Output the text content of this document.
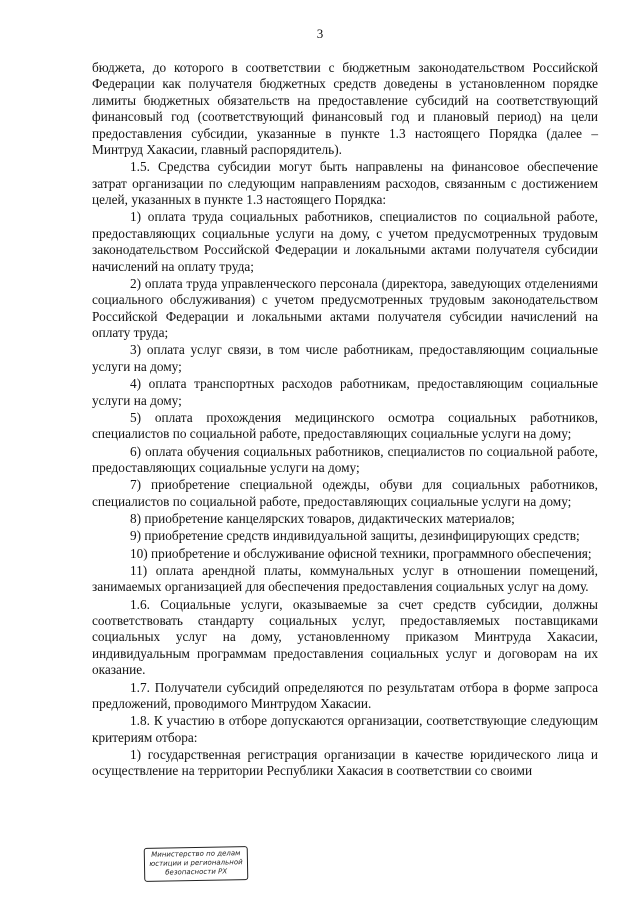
3

бюджета, до которого в соответствии с бюджетным законодательством Российской Федерации как получателя бюджетных средств доведены в установленном порядке лимиты бюджетных обязательств на предоставление субсидий на соответствующий финансовый год (соответствующий финансовый год и плановый период) на цели предоставления субсидии, указанные в пункте 1.3 настоящего Порядка (далее – Минтруд Хакасии, главный распорядитель).

1.5. Средства субсидии могут быть направлены на финансовое обеспечение затрат организации по следующим направлениям расходов, связанным с достижением целей, указанных в пункте 1.3 настоящего Порядка:

1) оплата труда социальных работников, специалистов по социальной работе, предоставляющих социальные услуги на дому, с учетом предусмотренных трудовым законодательством Российской Федерации и локальными актами получателя субсидии начислений на оплату труда;

2) оплата труда управленческого персонала (директора, заведующих отделениями социального обслуживания) с учетом предусмотренных трудовым законодательством Российской Федерации и локальными актами получателя субсидии начислений на оплату труда;

3) оплата услуг связи, в том числе работникам, предоставляющим социальные услуги на дому;

4) оплата транспортных расходов работникам, предоставляющим социальные услуги на дому;

5) оплата прохождения медицинского осмотра социальных работников, специалистов по социальной работе, предоставляющих социальные услуги на дому;

6) оплата обучения социальных работников, специалистов по социальной работе, предоставляющих социальные услуги на дому;

7) приобретение специальной одежды, обуви для социальных работников, специалистов по социальной работе, предоставляющих социальные услуги на дому;

8) приобретение канцелярских товаров, дидактических материалов;

9) приобретение средств индивидуальной защиты, дезинфицирующих средств;

10) приобретение и обслуживание офисной техники, программного обеспечения;

11) оплата арендной платы, коммунальных услуг в отношении помещений, занимаемых организацией для обеспечения предоставления социальных услуг на дому.

1.6. Социальные услуги, оказываемые за счет средств субсидии, должны соответствовать стандарту социальных услуг, предоставляемых поставщиками социальных услуг на дому, установленному приказом Минтруда Хакасии, индивидуальным программам предоставления социальных услуг и договорам на их оказание.

1.7. Получатели субсидий определяются по результатам отбора в форме запроса предложений, проводимого Минтрудом Хакасии.

1.8. К участию в отборе допускаются организации, соответствующие следующим критериям отбора:

1) государственная регистрация организации в качестве юридического лица и осуществление на территории Республики Хакасия в соответствии со своими

Министерство по делам
юстиции и региональной
безопасности РХ
